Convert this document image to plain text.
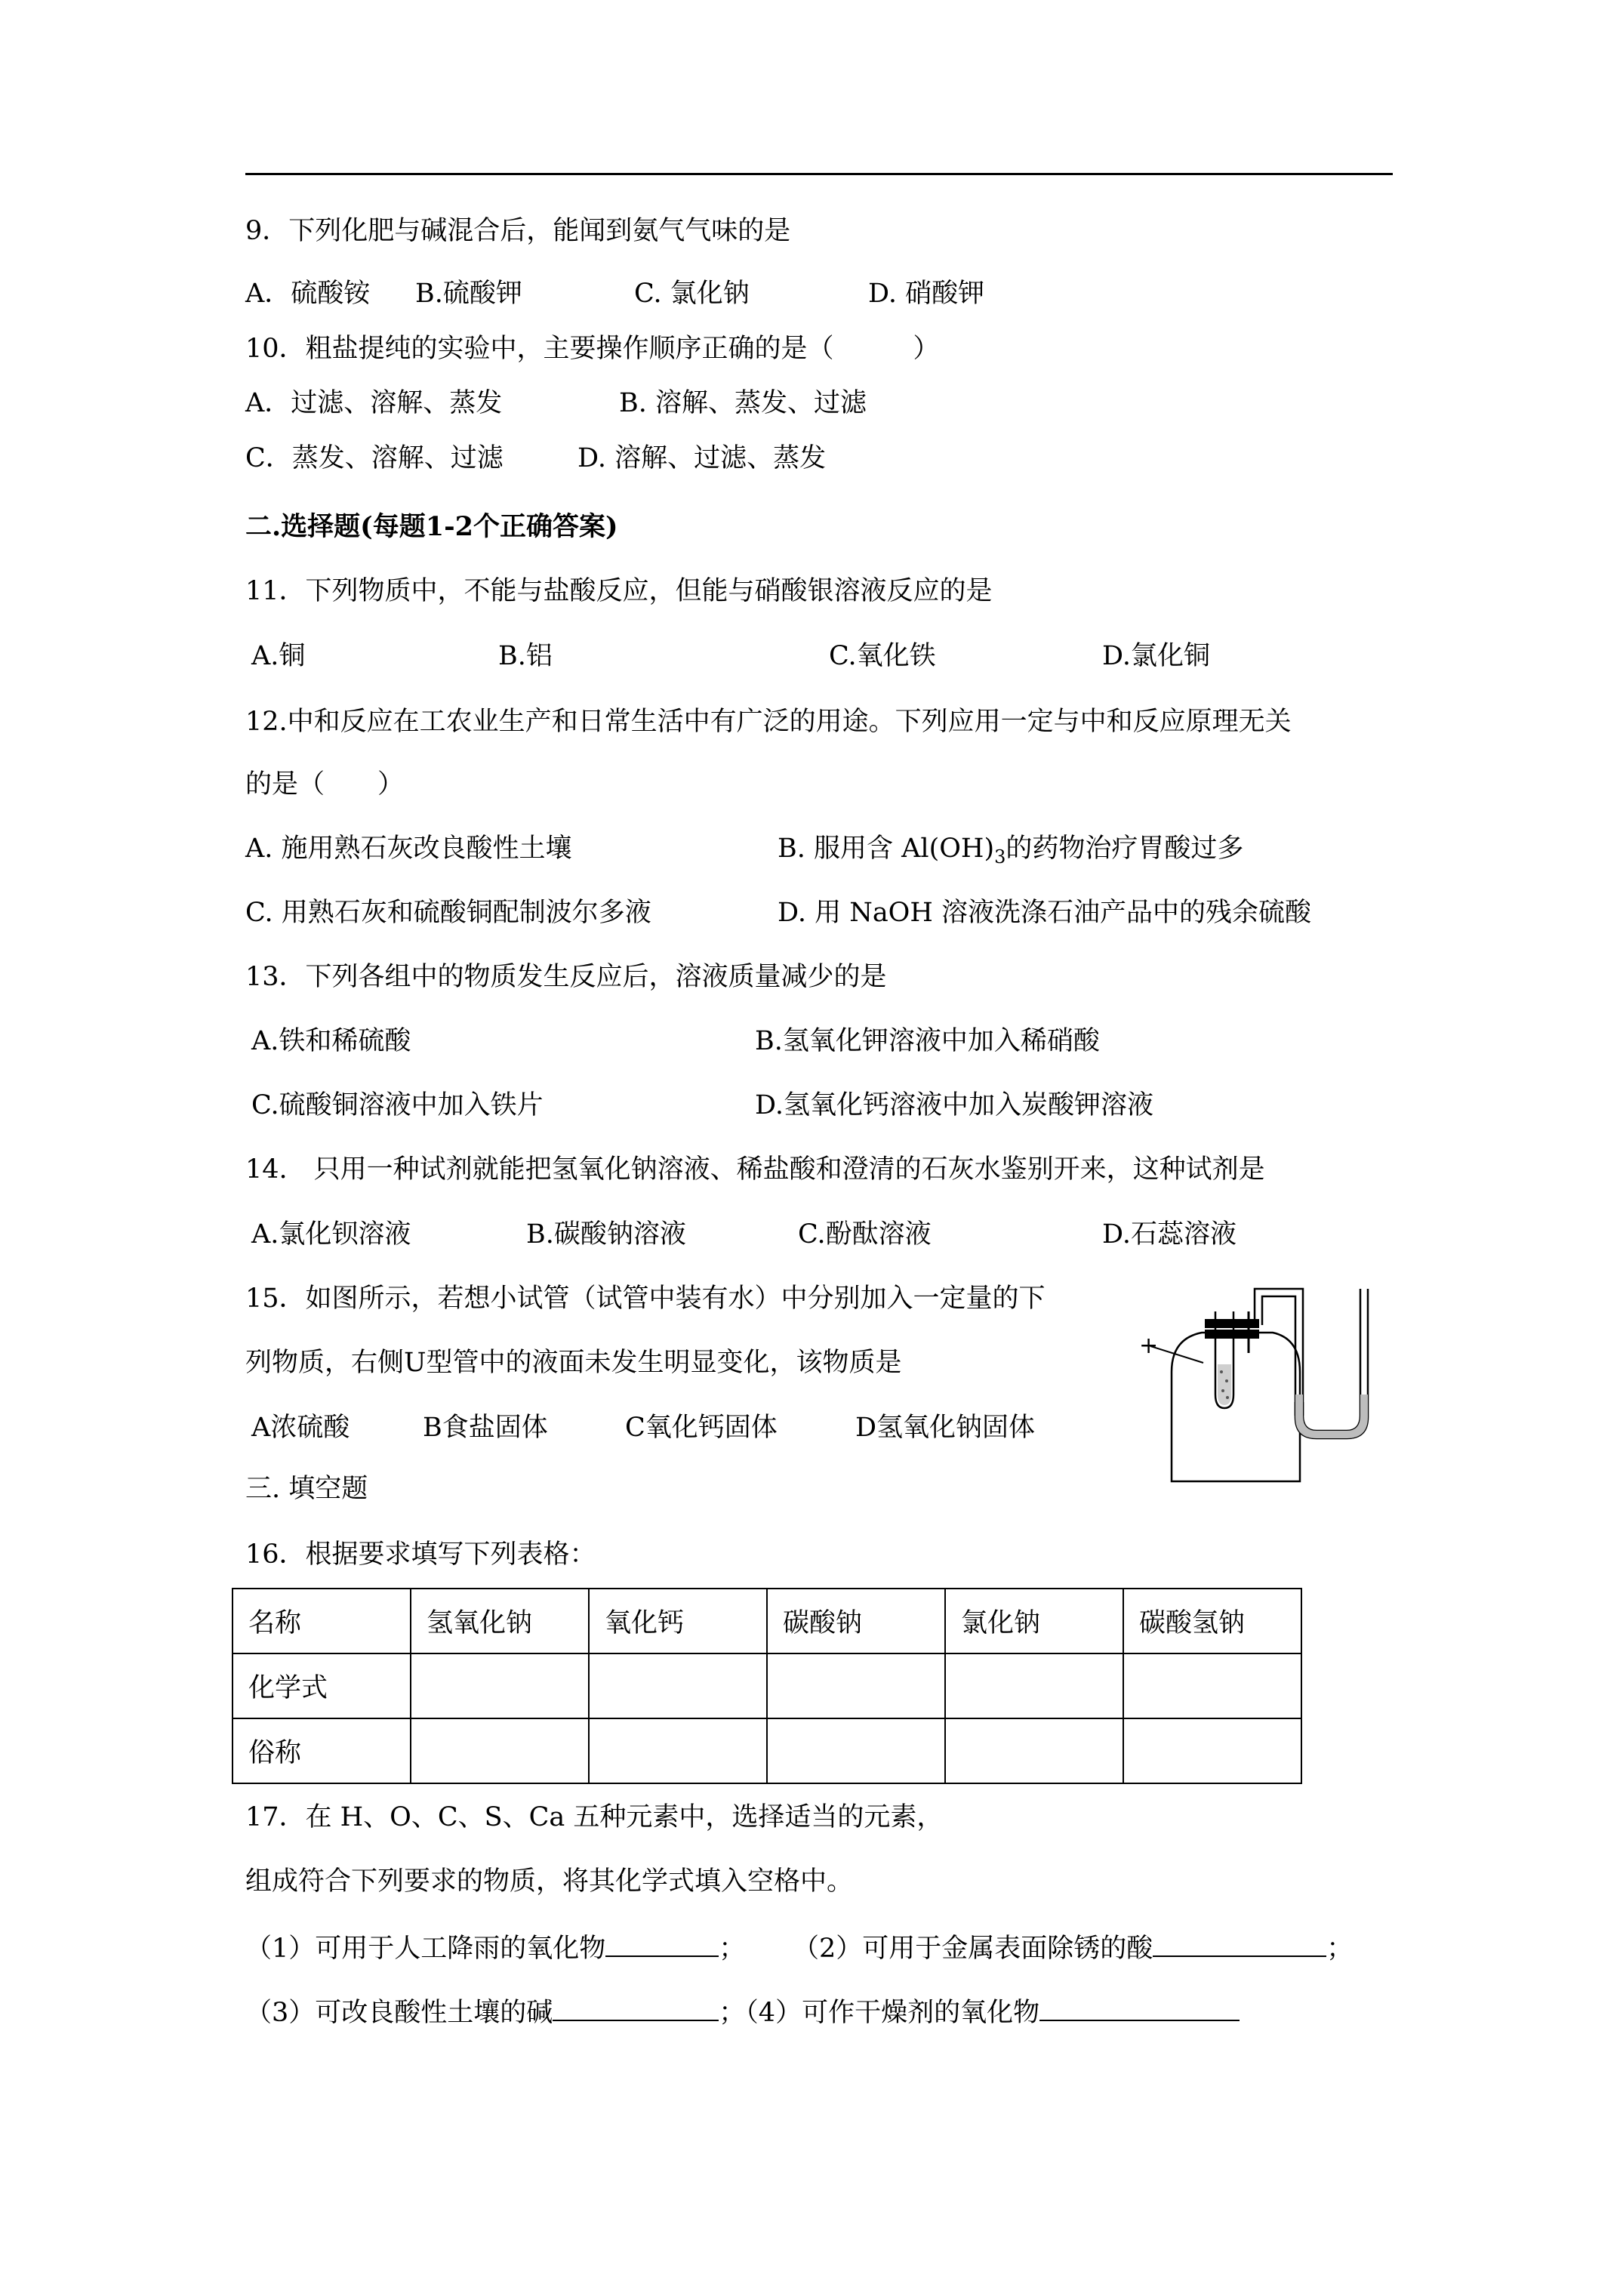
9．下列化肥与碱混合后，能闻到氨气气味的是
A．硫酸铵 B.硫酸钾	C. 氯化钠	D. 硝酸钾
10．粗盐提纯的实验中，主要操作顺序正确的是（　　　）
A．过滤、溶解、蒸发	B. 溶解、蒸发、过滤
C．蒸发、溶解、过滤	D. 溶解、过滤、蒸发
二.选择题(每题1-2个正确答案)
11．下列物质中，不能与盐酸反应，但能与硝酸银溶液反应的是
A.铜	B.铝	C.氧化铁	D.氯化铜
12.中和反应在工农业生产和日常生活中有广泛的用途。下列应用一定与中和反应原理无关
的是（　　）
A. 施用熟石灰改良酸性土壤	B. 服用含 $Al(OH)_3$的药物治疗胃酸过多
C. 用熟石灰和硫酸铜配制波尔多液	D. 用 NaOH 溶液洗涤石油产品中的残余硫酸
13．下列各组中的物质发生反应后，溶液质量减少的是
A.铁和稀硫酸	B.氢氧化钾溶液中加入稀硝酸
C.硫酸铜溶液中加入铁片	D.氢氧化钙溶液中加入炭酸钾溶液
14.　只用一种试剂就能把氢氧化钠溶液、稀盐酸和澄清的石灰水鉴别开来，这种试剂是
A.氯化钡溶液	B.碳酸钠溶液	C.酚酞溶液	D.石蕊溶液
15．如图所示，若想小试管（试管中装有水）中分别加入一定量的下
列物质，右侧U型管中的液面未发生明显变化，该物质是
A浓硫酸	B食盐固体	C氧化钙固体	D氢氧化钠固体
+
三. 填空题
16．根据要求填写下列表格：
名称	氢氧化钠	氧化钙	碳酸钠	氯化钠	碳酸氢钠
化学式					
俗称					
17．在 H、O、C、S、Ca 五种元素中，选择适当的元素，
组成符合下列要求的物质，将其化学式填入空格中。
（1）可用于人工降雨的氧化物	； （2）可用于金属表面除锈的酸	；
（3）可改良酸性土壤的碱	；（4）可作干燥剂的氧化物
